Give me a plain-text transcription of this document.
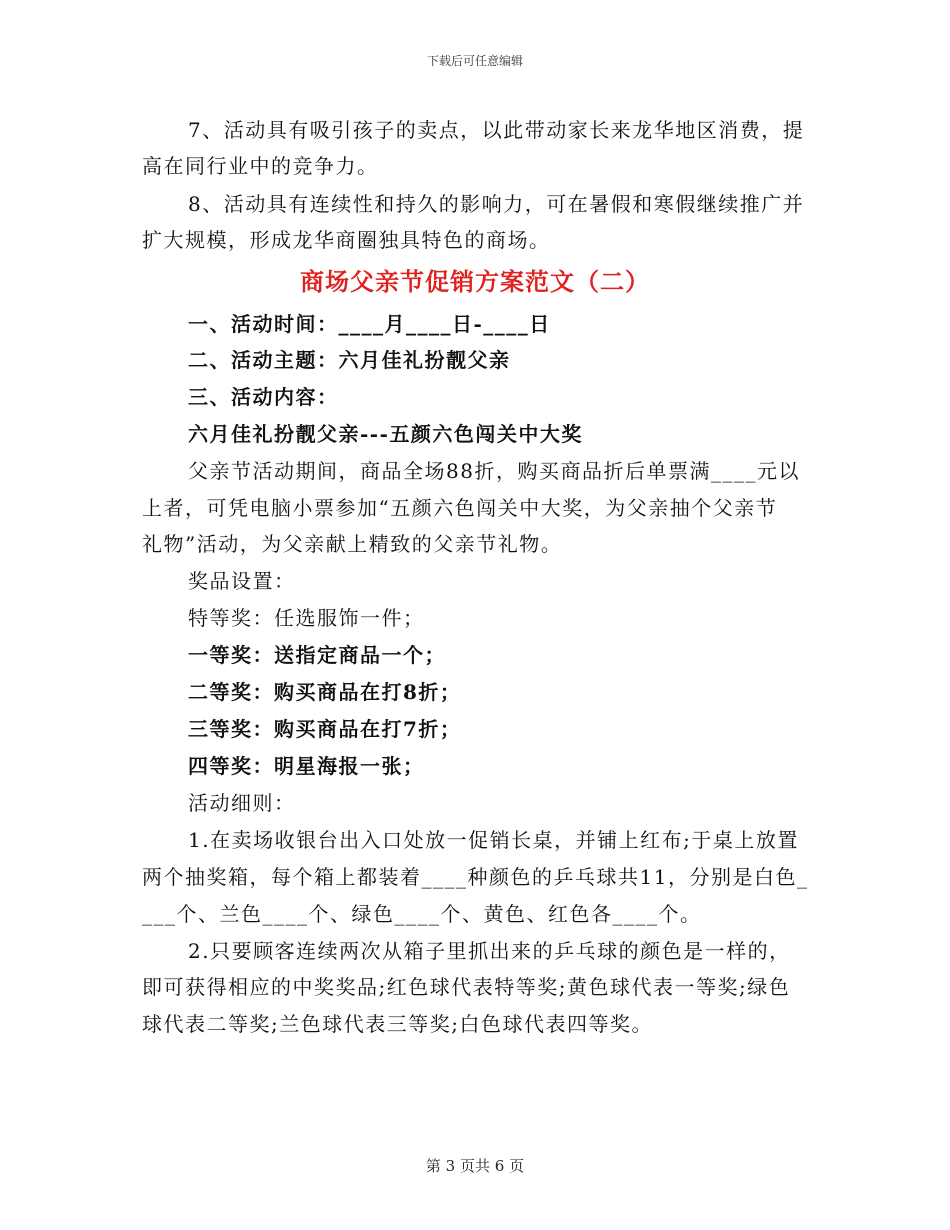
下载后可任意编辑
7、活动具有吸引孩子的卖点，以此带动家长来龙华地区消费，提
高在同行业中的竞争力。
8、活动具有连续性和持久的影响力，可在暑假和寒假继续推广并
扩大规模，形成龙华商圈独具特色的商场。
商场父亲节促销方案范文（二）
一、活动时间：____月____日-____日
二、活动主题：六月佳礼扮靓父亲
三、活动内容：
六月佳礼扮靓父亲---五颜六色闯关中大奖
父亲节活动期间，商品全场88折，购买商品折后单票满____元以
上者，可凭电脑小票参加“五颜六色闯关中大奖，为父亲抽个父亲节
礼物”活动，为父亲献上精致的父亲节礼物。
奖品设置：
特等奖：任选服饰一件；
一等奖：送指定商品一个；
二等奖：购买商品在打8折；
三等奖：购买商品在打7折；
四等奖：明星海报一张；
活动细则：
1.在卖场收银台出入口处放一促销长桌，并铺上红布;于桌上放置
两个抽奖箱，每个箱上都装着____种颜色的乒乓球共11，分别是白色_
___个、兰色____个、绿色____个、黄色、红色各____个。
2.只要顾客连续两次从箱子里抓出来的乒乓球的颜色是一样的，
即可获得相应的中奖奖品;红色球代表特等奖;黄色球代表一等奖;绿色
球代表二等奖;兰色球代表三等奖;白色球代表四等奖。
第 3 页共 6 页
